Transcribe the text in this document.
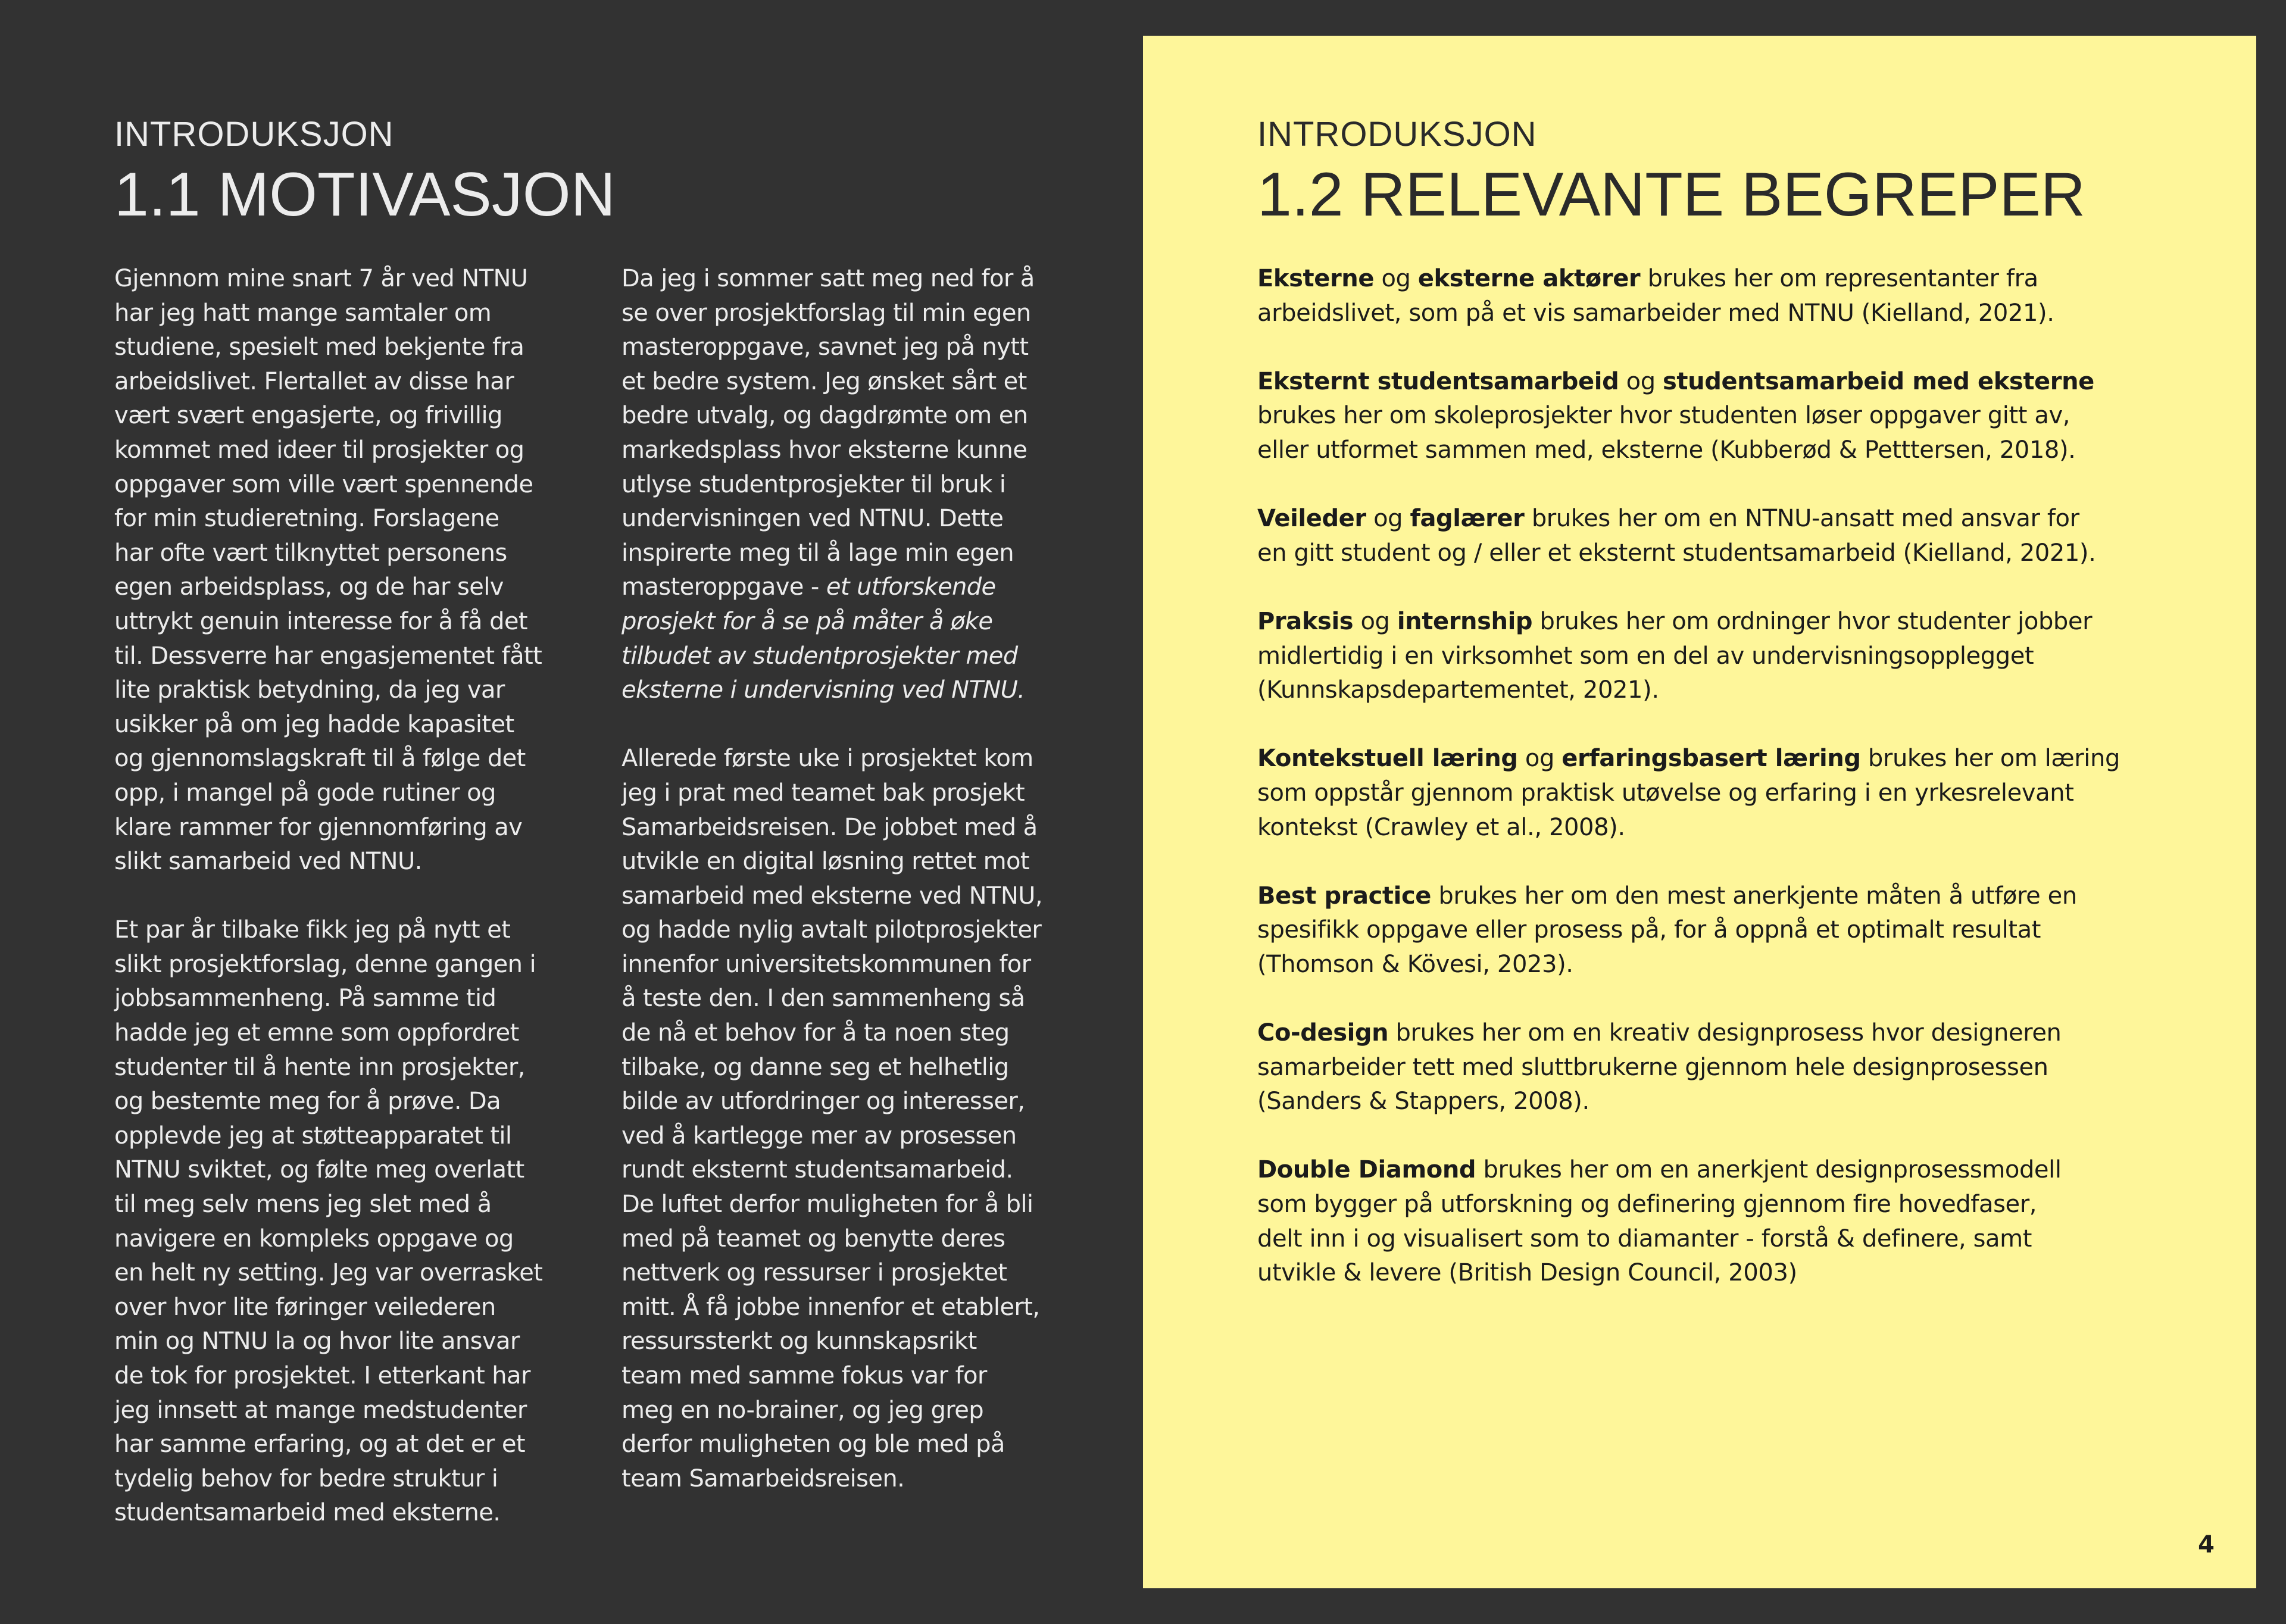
INTRODUKSJON
1.1 MOTIVASJON

Gjennom mine snart 7 år ved NTNU

har jeg hatt mange samtaler om

studiene, spesielt med bekjente fra

arbeidslivet. Flertallet av disse har

vært svært engasjerte, og frivillig

kommet med ideer til prosjekter og

oppgaver som ville vært spennende

for min studieretning. Forslagene

har ofte vært tilknyttet personens

egen arbeidsplass, og de har selv

uttrykt genuin interesse for å få det

til. Dessverre har engasjementet fått

lite praktisk betydning, da jeg var

usikker på om jeg hadde kapasitet

og gjennomslagskraft til å følge det

opp, i mangel på gode rutiner og

klare rammer for gjennomføring av

slikt samarbeid ved NTNU.

Et par år tilbake fikk jeg på nytt et

slikt prosjektforslag, denne gangen i

jobbsammenheng. På samme tid

hadde jeg et emne som oppfordret

studenter til å hente inn prosjekter,

og bestemte meg for å prøve. Da

opplevde jeg at støtteapparatet til

NTNU sviktet, og følte meg overlatt

til meg selv mens jeg slet med å

navigere en kompleks oppgave og

en helt ny setting. Jeg var overrasket

over hvor lite føringer veilederen

min og NTNU la og hvor lite ansvar

de tok for prosjektet. I etterkant har

jeg innsett at mange medstudenter

har samme erfaring, og at det er et

tydelig behov for bedre struktur i

studentsamarbeid med eksterne.

Da jeg i sommer satt meg ned for å

se over prosjektforslag til min egen

masteroppgave, savnet jeg på nytt

et bedre system. Jeg ønsket sårt et

bedre utvalg, og dagdrømte om en

markedsplass hvor eksterne kunne

utlyse studentprosjekter til bruk i

undervisningen ved NTNU. Dette

inspirerte meg til å lage min egen

masteroppgave - et utforskende

prosjekt for å se på måter å øke

tilbudet av studentprosjekter med

eksterne i undervisning ved NTNU.

Allerede første uke i prosjektet kom

jeg i prat med teamet bak prosjekt

Samarbeidsreisen. De jobbet med å

utvikle en digital løsning rettet mot

samarbeid med eksterne ved NTNU,

og hadde nylig avtalt pilotprosjekter

innenfor universitetskommunen for

å teste den. I den sammenheng så

de nå et behov for å ta noen steg

tilbake, og danne seg et helhetlig

bilde av utfordringer og interesser,

ved å kartlegge mer av prosessen

rundt eksternt studentsamarbeid.

De luftet derfor muligheten for å bli

med på teamet og benytte deres

nettverk og ressurser i prosjektet

mitt. Å få jobbe innenfor et etablert,

ressurssterkt og kunnskapsrikt

team med samme fokus var for

meg en no-brainer, og jeg grep

derfor muligheten og ble med på

team Samarbeidsreisen.

INTRODUKSJON
1.2 RELEVANTE BEGREPER
Eksterne og eksterne aktører brukes her om representanter fra
arbeidslivet, som på et vis samarbeider med NTNU (Kielland, 2021).
Eksternt studentsamarbeid og studentsamarbeid med eksterne
brukes her om skoleprosjekter hvor studenten løser oppgaver gitt av,
eller utformet sammen med, eksterne (Kubberød & Petttersen, 2018).
Veileder og faglærer brukes her om en NTNU-ansatt med ansvar for
en gitt student og / eller et eksternt studentsamarbeid (Kielland, 2021).
Praksis og internship brukes her om ordninger hvor studenter jobber
midlertidig i en virksomhet som en del av undervisningsopplegget
(Kunnskapsdepartementet, 2021).
Kontekstuell læring og erfaringsbasert læring brukes her om læring
som oppstår gjennom praktisk utøvelse og erfaring i en yrkesrelevant
kontekst (Crawley et al., 2008).
Best practice brukes her om den mest anerkjente måten å utføre en
spesifikk oppgave eller prosess på, for å oppnå et optimalt resultat
(Thomson & Kövesi, 2023).
Co-design brukes her om en kreativ designprosess hvor designeren
samarbeider tett med sluttbrukerne gjennom hele designprosessen
(Sanders & Stappers, 2008).
Double Diamond brukes her om en anerkjent designprosessmodell
som bygger på utforskning og definering gjennom fire hovedfaser,
delt inn i og visualisert som to diamanter - forstå & definere, samt
utvikle & levere (British Design Council, 2003)
4
